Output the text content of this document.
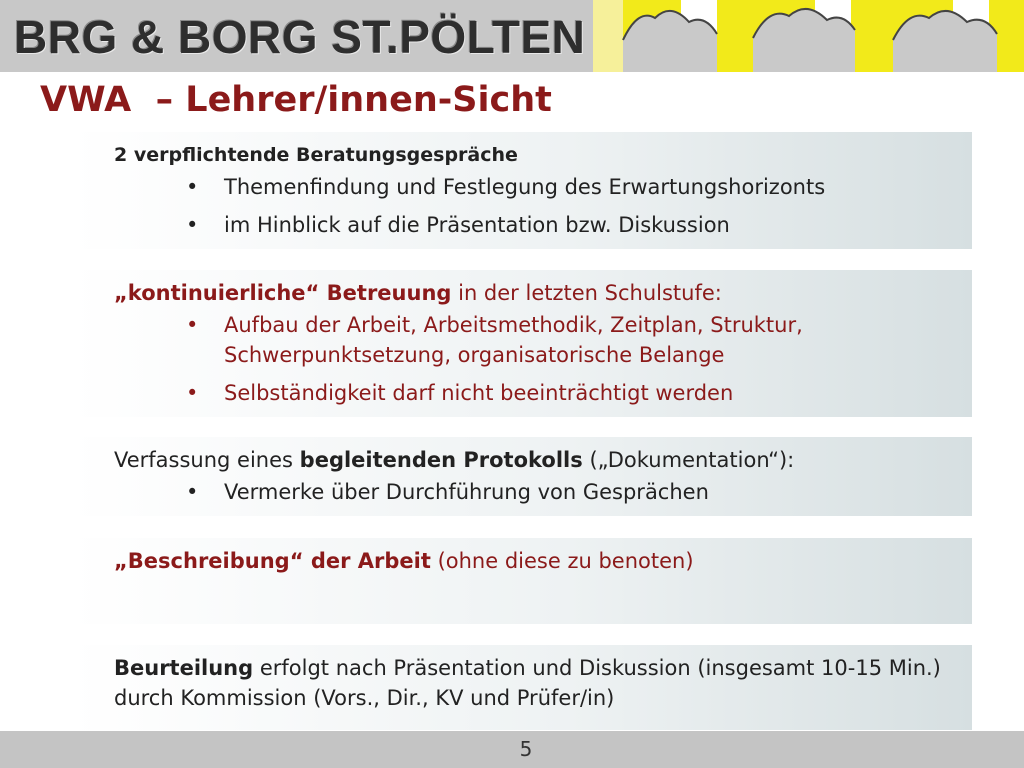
BRG & BORG ST.PÖLTEN
VWA  – Lehrer/innen-Sicht

2 verpflichtende Beratungsgespräche

• Themenfindung und Festlegung des Erwartungshorizonts
• im Hinblick auf die Präsentation bzw. Diskussion

„kontinuierliche“ Betreuung in der letzten Schulstufe:

• Aufbau der Arbeit, Arbeitsmethodik, Zeitplan, Struktur, Schwerpunktsetzung, organisatorische Belange
• Selbständigkeit darf nicht beeinträchtigt werden

Verfassung eines begleitenden Protokolls („Dokumentation“):

• Vermerke über Durchführung von Gesprächen

„Beschreibung“ der Arbeit (ohne diese zu benoten)

Beurteilung erfolgt nach Präsentation und Diskussion (insgesamt 10-15 Min.) durch Kommission (Vors., Dir., KV und Prüfer/in)

5
